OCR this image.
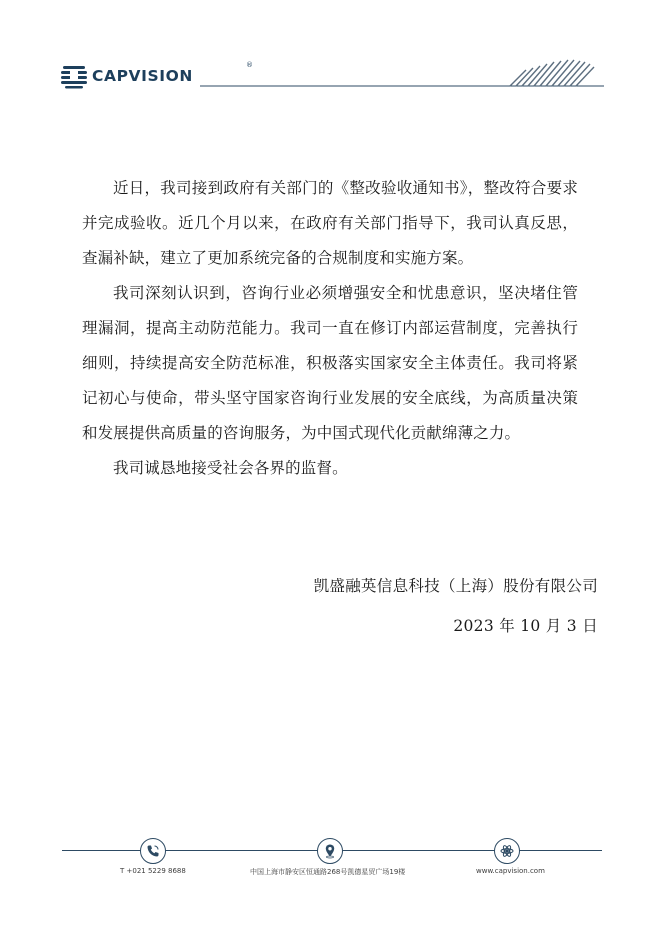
CAPVISION
®

近日，我司接到政府有关部门的《整改验收通知书》，整改符合要求并完成验收。近几个月以来，在政府有关部门指导下，我司认真反思，查漏补缺，建立了更加系统完备的合规制度和实施方案。

我司深刻认识到，咨询行业必须增强安全和忧患意识，坚决堵住管理漏洞，提高主动防范能力。我司一直在修订内部运营制度，完善执行细则，持续提高安全防范标准，积极落实国家安全主体责任。我司将紧记初心与使命，带头坚守国家咨询行业发展的安全底线，为高质量决策和发展提供高质量的咨询服务，为中国式现代化贡献绵薄之力。

我司诚恳地接受社会各界的监督。

凯盛融英信息科技（上海）股份有限公司
2023 年 10 月 3 日
T +021 5229 8688	中国上海市静安区恒通路268号凯德星贸广场19楼	www.capvision.com
